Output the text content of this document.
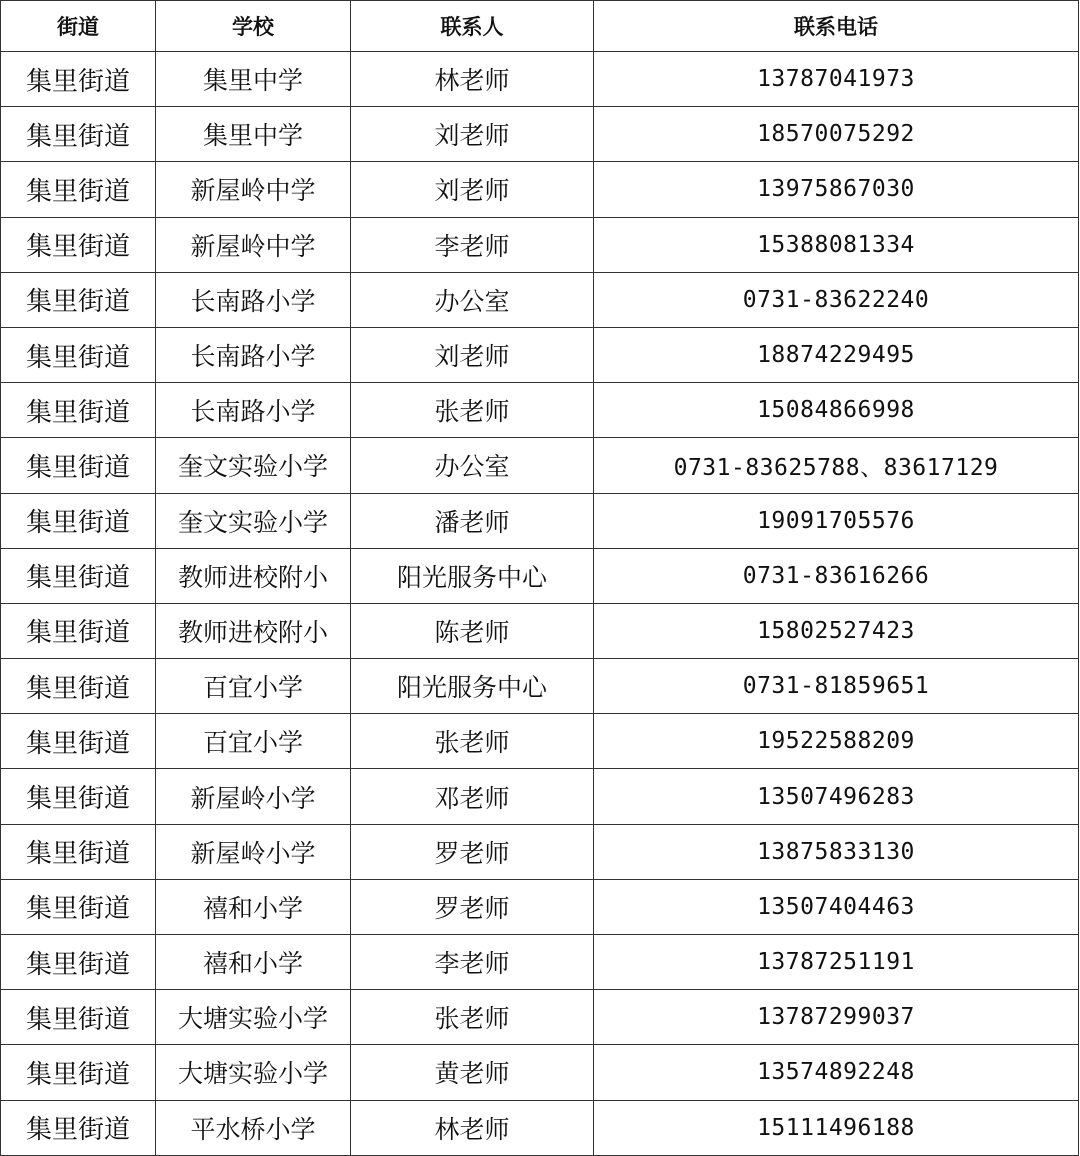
街道	学校	联系人	联系电话
集里街道	集里中学	林老师	13787041973
集里街道	集里中学	刘老师	18570075292
集里街道	新屋岭中学	刘老师	13975867030
集里街道	新屋岭中学	李老师	15388081334
集里街道	长南路小学	办公室	0731-83622240
集里街道	长南路小学	刘老师	18874229495
集里街道	长南路小学	张老师	15084866998
集里街道	奎文实验小学	办公室	0731-83625788、83617129
集里街道	奎文实验小学	潘老师	19091705576
集里街道	教师进校附小	阳光服务中心	0731-83616266
集里街道	教师进校附小	陈老师	15802527423
集里街道	百宜小学	阳光服务中心	0731-81859651
集里街道	百宜小学	张老师	19522588209
集里街道	新屋岭小学	邓老师	13507496283
集里街道	新屋岭小学	罗老师	13875833130
集里街道	禧和小学	罗老师	13507404463
集里街道	禧和小学	李老师	13787251191
集里街道	大塘实验小学	张老师	13787299037
集里街道	大塘实验小学	黄老师	13574892248
集里街道	平水桥小学	林老师	15111496188
